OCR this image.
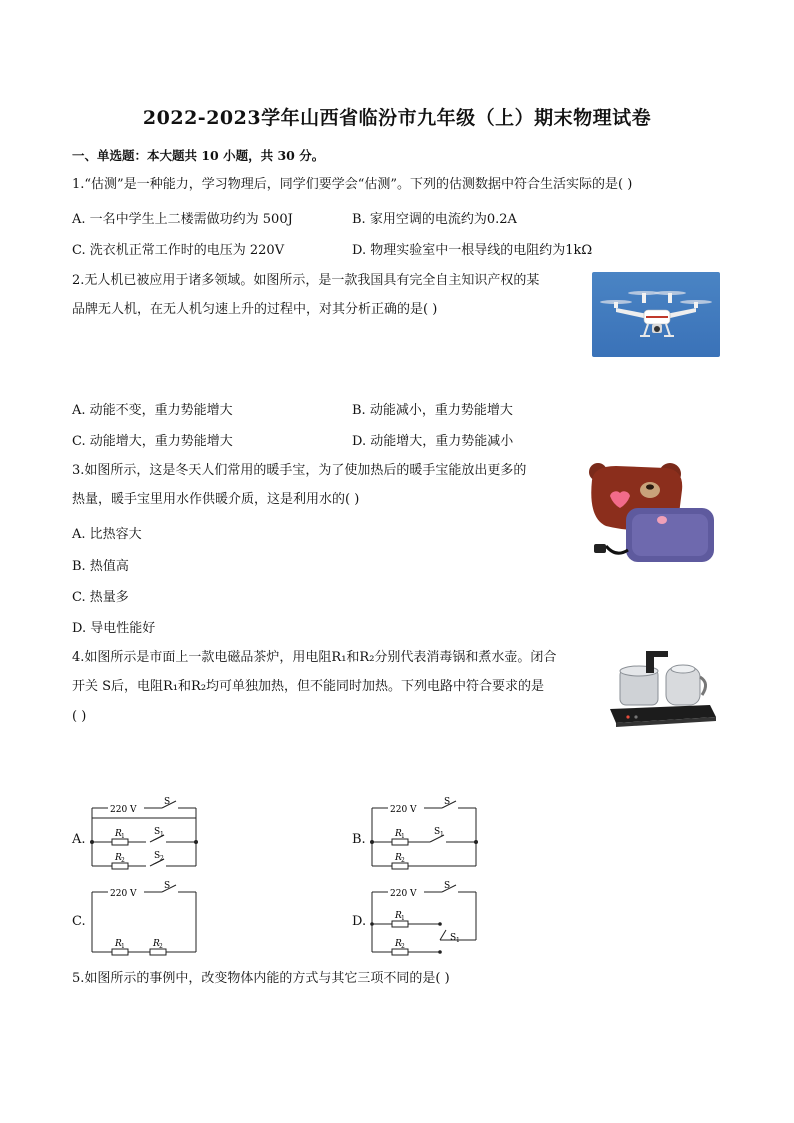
2022-2023学年山西省临汾市九年级（上）期末物理试卷
一、单选题：本大题共 10 小题，共 30 分。
1.“估测”是一种能力，学习物理后，同学们要学会“估测”。下列的估测数据中符合生活实际的是( )
A. 一名中学生上二楼需做功约为 500J	B. 家用空调的电流约为0.2A
C. 洗衣机正常工作时的电压为 220V	D. 物理实验室中一根导线的电阻约为1kΩ
2.无人机已被应用于诸多领域。如图所示，是一款我国具有完全自主知识产权的某
品牌无人机，在无人机匀速上升的过程中，对其分析正确的是( )
A. 动能不变，重力势能增大	B. 动能减小，重力势能增大
C. 动能增大，重力势能增大	D. 动能增大，重力势能减小
3.如图所示，这是冬天人们常用的暖手宝，为了使加热后的暖手宝能放出更多的
热量，暖手宝里用水作供暖介质，这是利用水的( )
A. 比热容大
B. 热值高
C. 热量多
D. 导电性能好
4.如图所示是市面上一款电磁品茶炉，用电阻R₁和R₂分别代表消毒锅和煮水壶。闭合
开关 S后，电阻R₁和R₂均可单独加热，但不能同时加热。下列电路中符合要求的是
( )
A.
220 V
S
R 1
R 2
S 1
S 2
B.
220 V
S
R 1
R 2
S 1
C.
220 V
S
R 1	R 2
D.
220 V
S
R 1
R 2
S 1
5.如图所示的事例中，改变物体内能的方式与其它三项不同的是( )
